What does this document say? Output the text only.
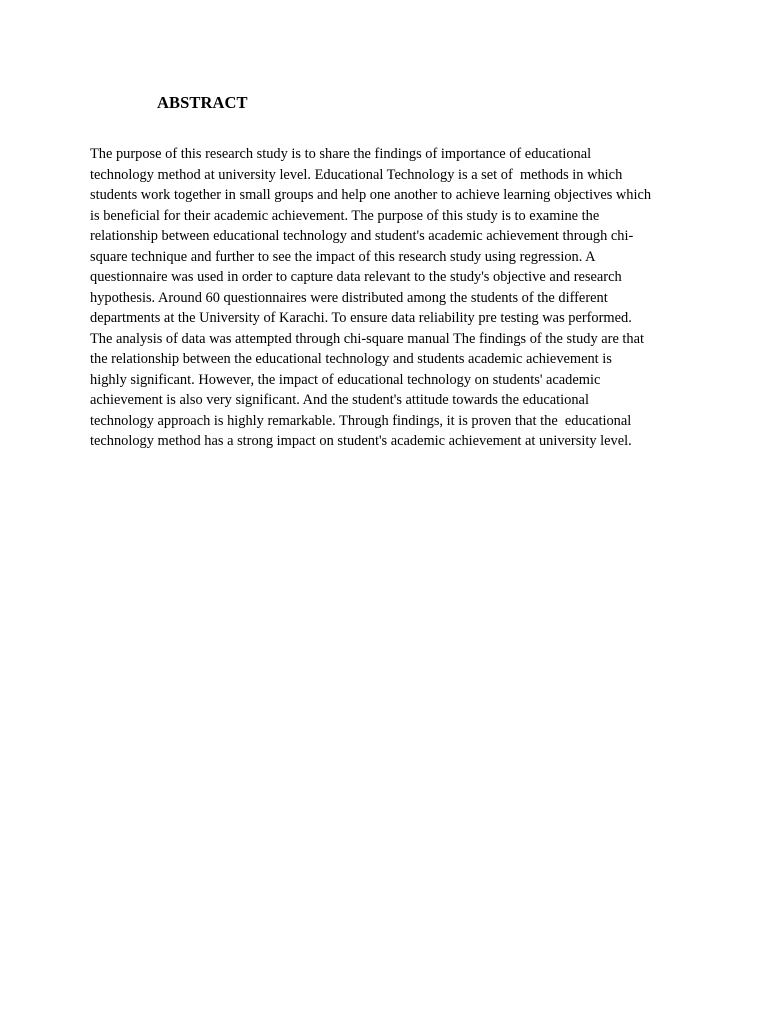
ABSTRACT
The purpose of this research study is to share the findings of importance of educational
technology method at university level. Educational Technology is a set of  methods in which
students work together in small groups and help one another to achieve learning objectives which
is beneficial for their academic achievement. The purpose of this study is to examine the
relationship between educational technology and student's academic achievement through chi-
square technique and further to see the impact of this research study using regression. A
questionnaire was used in order to capture data relevant to the study's objective and research
hypothesis. Around 60 questionnaires were distributed among the students of the different
departments at the University of Karachi. To ensure data reliability pre testing was performed.
The analysis of data was attempted through chi-square manual The findings of the study are that
the relationship between the educational technology and students academic achievement is
highly significant. However, the impact of educational technology on students' academic
achievement is also very significant. And the student's attitude towards the educational
technology approach is highly remarkable. Through findings, it is proven that the  educational
technology method has a strong impact on student's academic achievement at university level.
